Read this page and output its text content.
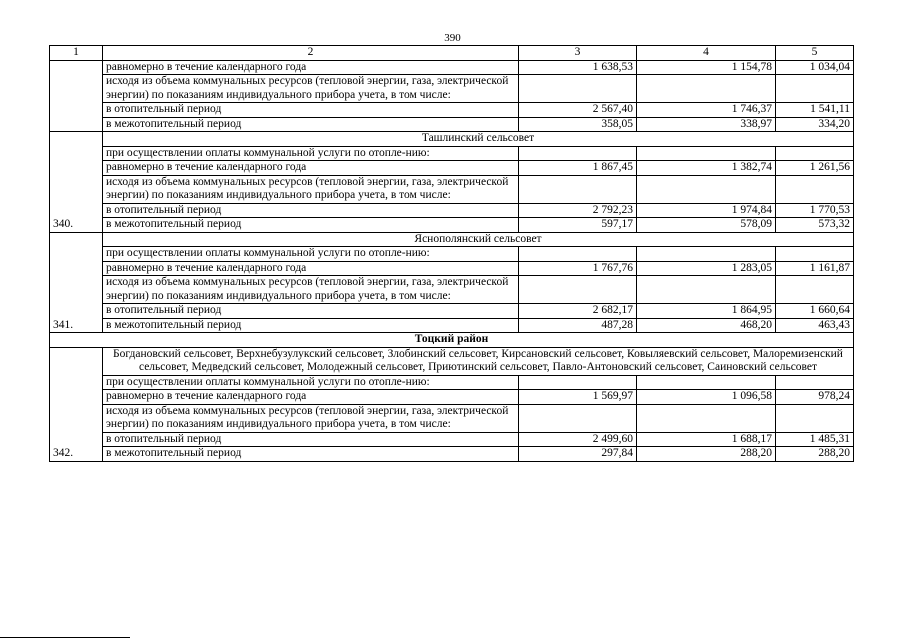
390
1	2	3	4	5
	равномерно в течение календарного года	1 638,53	1 154,78	1 034,04
	исходя из объема коммунальных ресурсов (тепловой энергии, газа, электрической энергии) по показаниям индивидуального прибора учета, в том числе:			
	в отопительный период	2 567,40	1 746,37	1 541,11
	в межотопительный период	358,05	338,97	334,20
340.	Ташлинский сельсовет			
	при осуществлении оплаты коммунальной услуги по отопле-нию:			
	равномерно в течение календарного года	1 867,45	1 382,74	1 261,56
	исходя из объема коммунальных ресурсов (тепловой энергии, газа, электрической энергии) по показаниям индивидуального прибора учета, в том числе:			
	в отопительный период	2 792,23	1 974,84	1 770,53
	в межотопительный период	597,17	578,09	573,32
341.	Яснополянский сельсовет			
	при осуществлении оплаты коммунальной услуги по отопле-нию:			
	равномерно в течение календарного года	1 767,76	1 283,05	1 161,87
	исходя из объема коммунальных ресурсов (тепловой энергии, газа, электрической энергии) по показаниям индивидуального прибора учета, в том числе:			
	в отопительный период	2 682,17	1 864,95	1 660,64
	в межотопительный период	487,28	468,20	463,43
Тоцкий район				
342.	Богдановский сельсовет, Верхнебузулукский сельсовет, Злобинский сельсовет, Кирсановский сельсовет, Ковыляевский сельсовет, Малоремизенский сельсовет, Медведский сельсовет, Молодежный сельсовет, Приютинский сельсовет, Павло-Антоновский сельсовет, Саиновский сельсовет			
	при осуществлении оплаты коммунальной услуги по отопле-нию:			
	равномерно в течение календарного года	1 569,97	1 096,58	978,24
	исходя из объема коммунальных ресурсов (тепловой энергии, газа, электрической энергии) по показаниям индивидуального прибора учета, в том числе:			
	в отопительный период	2 499,60	1 688,17	1 485,31
	в межотопительный период	297,84	288,20	288,20
